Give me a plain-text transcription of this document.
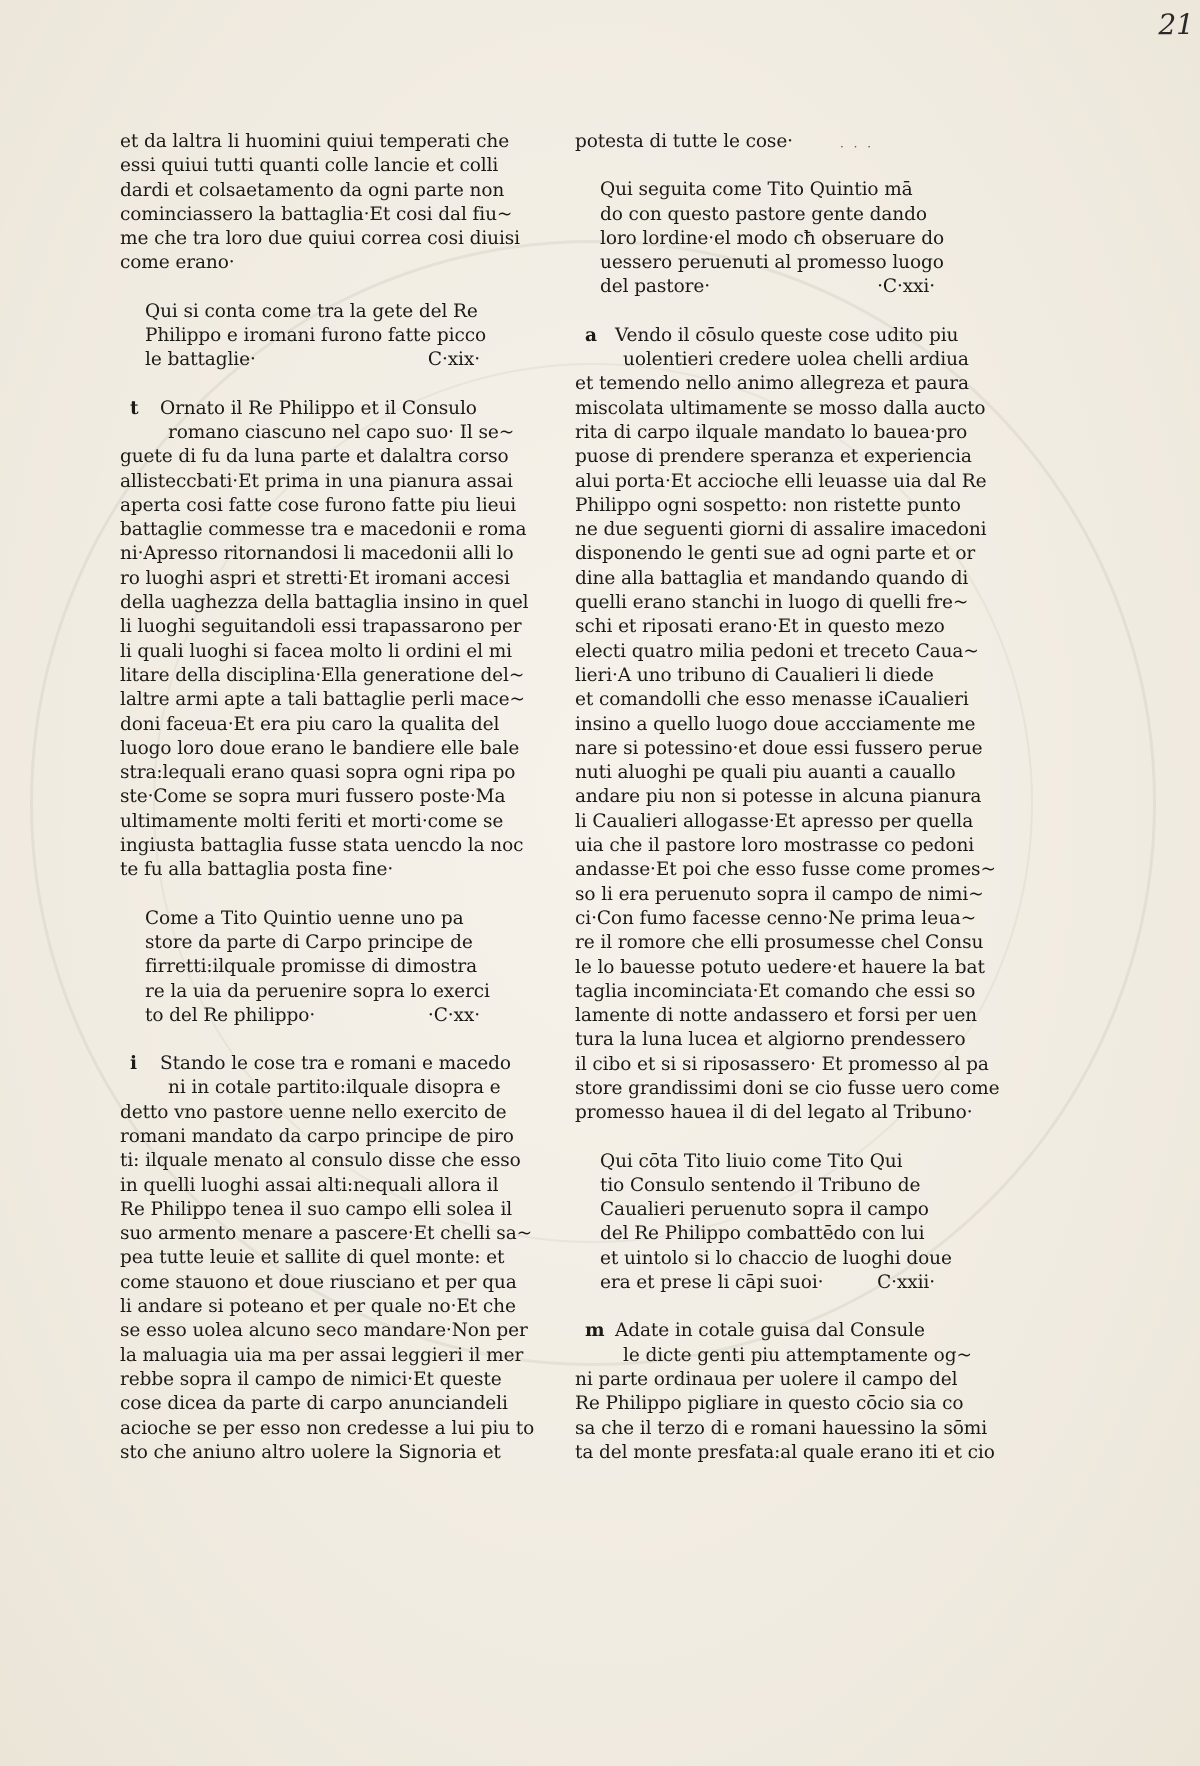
21
· · ·
et da laltra li huomini quiui temperati che
essi quiui tutti quanti colle lancie et colli
dardi et colsaetamento da ogni parte non
cominciassero la battaglia·Et cosi dal fiu~
me che tra loro due quiui correa cosi diuisi
come erano·
Qui si conta come tra la gete del Re
Philippo e iromani furono fatte picco
le battaglie·	C·xix·
t Ornato il Re Philippo et il Consulo
romano ciascuno nel capo suo· Il se~
guete di fu da luna parte et dalaltra corso
allisteccbati·Et prima in una pianura assai
aperta cosi fatte cose furono fatte piu lieui
battaglie commesse tra e macedonii e roma
ni·Apresso ritornandosi li macedonii alli lo
ro luoghi aspri et stretti·Et iromani accesi
della uaghezza della battaglia insino in quel
li luoghi seguitandoli essi trapassarono per
li quali luoghi si facea molto li ordini el mi
litare della disciplina·Ella generatione del~
laltre armi apte a tali battaglie perli mace~
doni faceua·Et era piu caro la qualita del
luogo loro doue erano le bandiere elle bale
stra:lequali erano quasi sopra ogni ripa po
ste·Come se sopra muri fussero poste·Ma
ultimamente molti feriti et morti·come se
ingiusta battaglia fusse stata uencdo la noc
te fu alla battaglia posta fine·
Come a Tito Quintio uenne uno pa
store da parte di Carpo principe de
firretti:ilquale promisse di dimostra
re la uia da peruenire sopra lo exerci
to del Re philippo·	·C·xx·
i Stando le cose tra e romani e macedo
ni in cotale partito:ilquale disopra e
detto vno pastore uenne nello exercito de
romani mandato da carpo principe de piro
ti: ilquale menato al consulo disse che esso
in quelli luoghi assai alti:nequali allora il
Re Philippo tenea il suo campo elli solea il
suo armento menare a pascere·Et chelli sa~
pea tutte leuie et sallite di quel monte: et
come stauono et doue riusciano et per qua
li andare si poteano et per quale no·Et che
se esso uolea alcuno seco mandare·Non per
la maluagia uia ma per assai leggieri il mer
rebbe sopra il campo de nimici·Et queste
cose dicea da parte di carpo anunciandeli
acioche se per esso non credesse a lui piu to
sto che aniuno altro uolere la Signoria et
potesta di tutte le cose·
Qui seguita come Tito Quintio mā
do con questo pastore gente dando
loro lordine·el modo cħ obseruare do
uessero peruenuti al promesso luogo
del pastore·	·C·xxi·
a Vendo il cōsulo queste cose udito piu
uolentieri credere uolea chelli ardiua
et temendo nello animo allegreza et paura
miscolata ultimamente se mosso dalla aucto
rita di carpo ilquale mandato lo bauea·pro
puose di prendere speranza et experiencia
alui porta·Et accioche elli leuasse uia dal Re
Philippo ogni sospetto: non ristette punto
ne due seguenti giorni di assalire imacedoni
disponendo le genti sue ad ogni parte et or
dine alla battaglia et mandando quando di
quelli erano stanchi in luogo di quelli fre~
schi et riposati erano·Et in questo mezo
electi quatro milia pedoni et treceto Caua~
lieri·A uno tribuno di Caualieri li diede
et comandolli che esso menasse iCaualieri
insino a quello luogo doue accciamente me
nare si potessino·et doue essi fussero perue
nuti aluoghi pe quali piu auanti a cauallo
andare piu non si potesse in alcuna pianura
li Caualieri allogasse·Et apresso per quella
uia che il pastore loro mostrasse co pedoni
andasse·Et poi che esso fusse come promes~
so li era peruenuto sopra il campo de nimi~
ci·Con fumo facesse cenno·Ne prima leua~
re il romore che elli prosumesse chel Consu
le lo bauesse potuto uedere·et hauere la bat
taglia incominciata·Et comando che essi so
lamente di notte andassero et forsi per uen
tura la luna lucea et algiorno prendessero
il cibo et si si riposassero· Et promesso al pa
store grandissimi doni se cio fusse uero come
promesso hauea il di del legato al Tribuno·
Qui cōta Tito liuio come Tito Qui
tio Consulo sentendo il Tribuno de
Caualieri peruenuto sopra il campo
del Re Philippo combattēdo con lui
et uintolo si lo chaccio de luoghi doue
era et prese li cāpi suoi·	C·xxii·
m Adate in cotale guisa dal Consule
le dicte genti piu attemptamente og~
ni parte ordinaua per uolere il campo del
Re Philippo pigliare in questo cōcio sia co
sa che il terzo di e romani hauessino la sōmi
ta del monte presfata:al quale erano iti et cio
